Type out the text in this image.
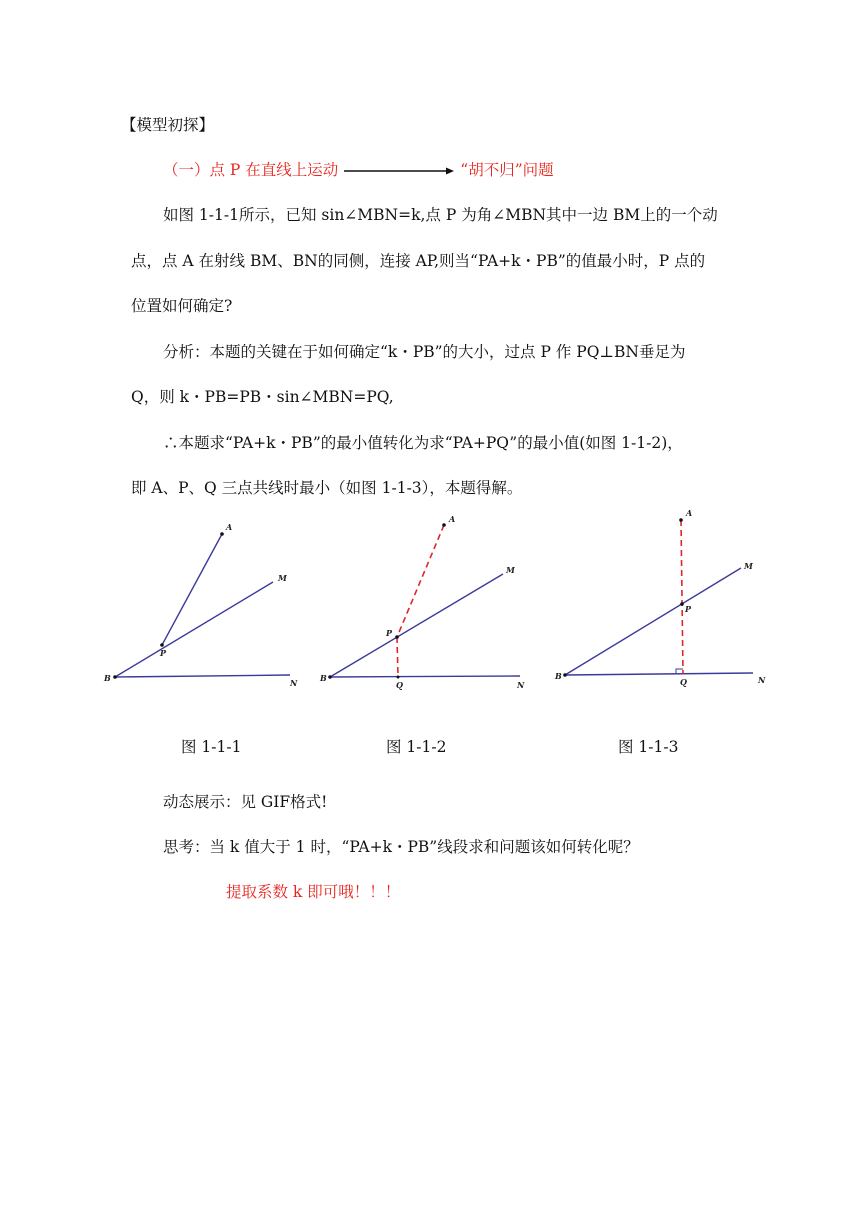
【模型初探】
（一）点 P 在直线上运动	“胡不归”问题
如图 1-1-1所示，已知 sin∠MBN=k,点 P 为角∠MBN其中一边 BM上的一个动
点，点 A 在射线 BM、BN的同侧，连接 AP,则当“PA+k・PB”的值最小时，P 点的
位置如何确定?
分析：本题的关键在于如何确定“k・PB”的大小，过点 P 作 PQ⊥BN垂足为
Q，则 k・PB=PB・sin∠MBN=PQ,
∴本题求“PA+k・PB”的最小值转化为求“PA+PQ”的最小值(如图 1-1-2)，
即 A、P、Q 三点共线时最小（如图 1-1-3），本题得解。
A
M
P
B	N
A
M
P
B
Q	N
A
M
P
B
Q	N
图 1-1-1	图 1-1-2	图 1-1-3
动态展示：见 GIF格式!
思考：当 k 值大于 1 时，“PA+k・PB”线段求和问题该如何转化呢？
提取系数 k 即可哦！！！
